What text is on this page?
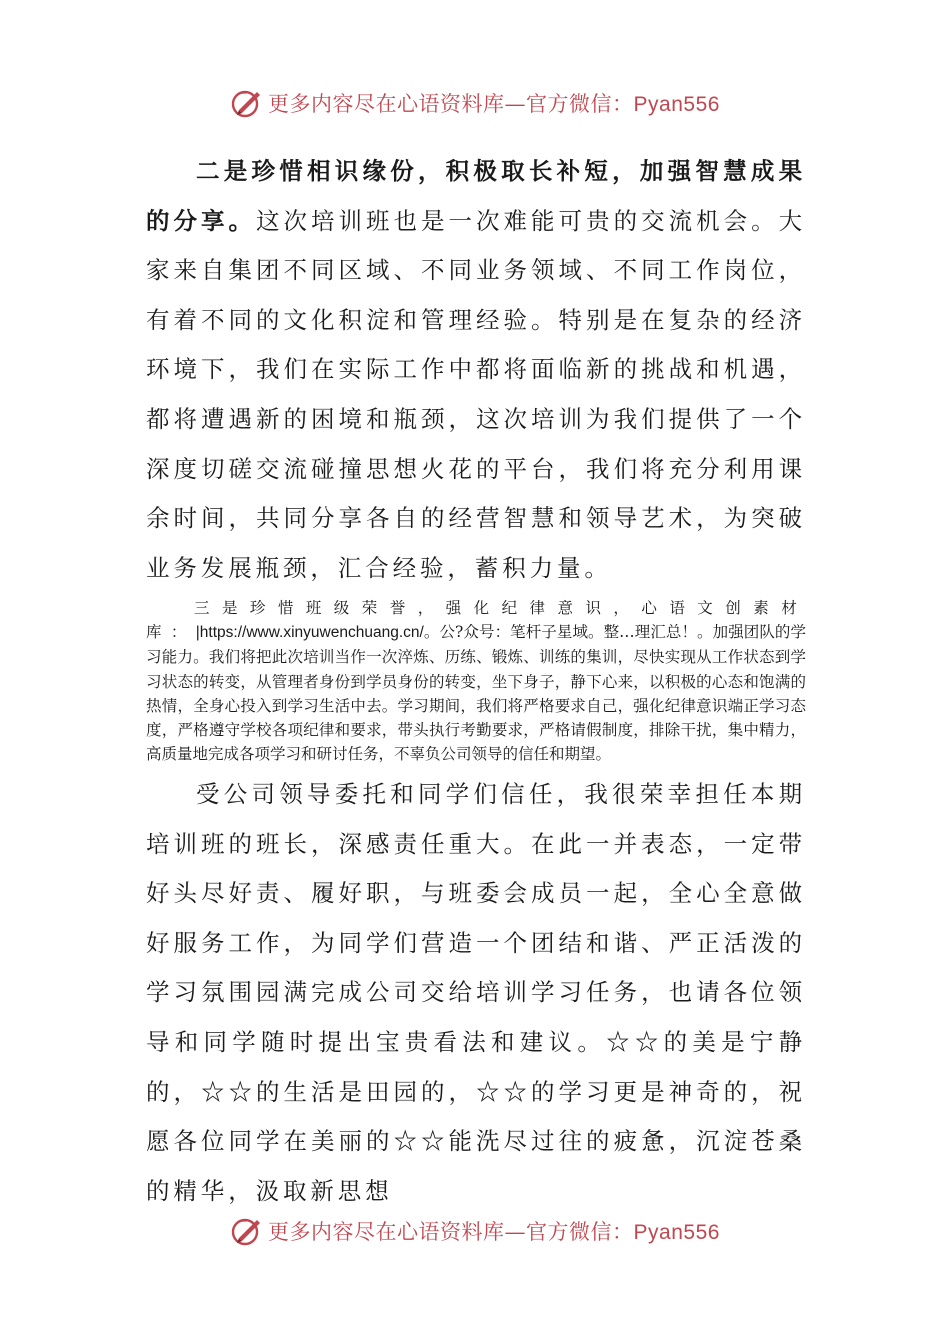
更多内容尽在心语资料库—官方微信：Pyan556

二是珍惜相识缘份，积极取长补短，加强智慧成果的分享。这次培训班也是一次难能可贵的交流机会。大家来自集团不同区域、不同业务领域、不同工作岗位，有着不同的文化积淀和管理经验。特别是在复杂的经济环境下，我们在实际工作中都将面临新的挑战和机遇，都将遭遇新的困境和瓶颈，这次培训为我们提供了一个深度切磋交流碰撞思想火花的平台，我们将充分利用课余时间，共同分享各自的经营智慧和领导艺术，为突破业务发展瓶颈，汇合经验，蓄积力量。

三是珍惜班级荣誉，强化纪律意识，心语文创素材库：|https://www.xinyuwenchuang.cn/。公?众号：笔杆子星域。整…理汇总！。加强团队的学习能力。我们将把此次培训当作一次淬炼、历练、锻炼、训练的集训，尽快实现从工作状态到学习状态的转变，从管理者身份到学员身份的转变，坐下身子，静下心来，以积极的心态和饱满的热情，全身心投入到学习生活中去。学习期间，我们将严格要求自己，强化纪律意识端正学习态度，严格遵守学校各项纪律和要求，带头执行考勤要求，严格请假制度，排除干扰，集中精力，高质量地完成各项学习和研讨任务，不辜负公司领导的信任和期望。

受公司领导委托和同学们信任，我很荣幸担任本期培训班的班长，深感责任重大。在此一并表态，一定带好头尽好责、履好职，与班委会成员一起，全心全意做好服务工作，为同学们营造一个团结和谐、严正活泼的学习氛围园满完成公司交给培训学习任务，也请各位领导和同学随时提出宝贵看法和建议。☆☆的美是宁静的，☆☆的生活是田园的，☆☆的学习更是神奇的，祝愿各位同学在美丽的☆☆能洗尽过往的疲惫，沉淀苍桑的精华，汲取新思想

更多内容尽在心语资料库—官方微信：Pyan556
